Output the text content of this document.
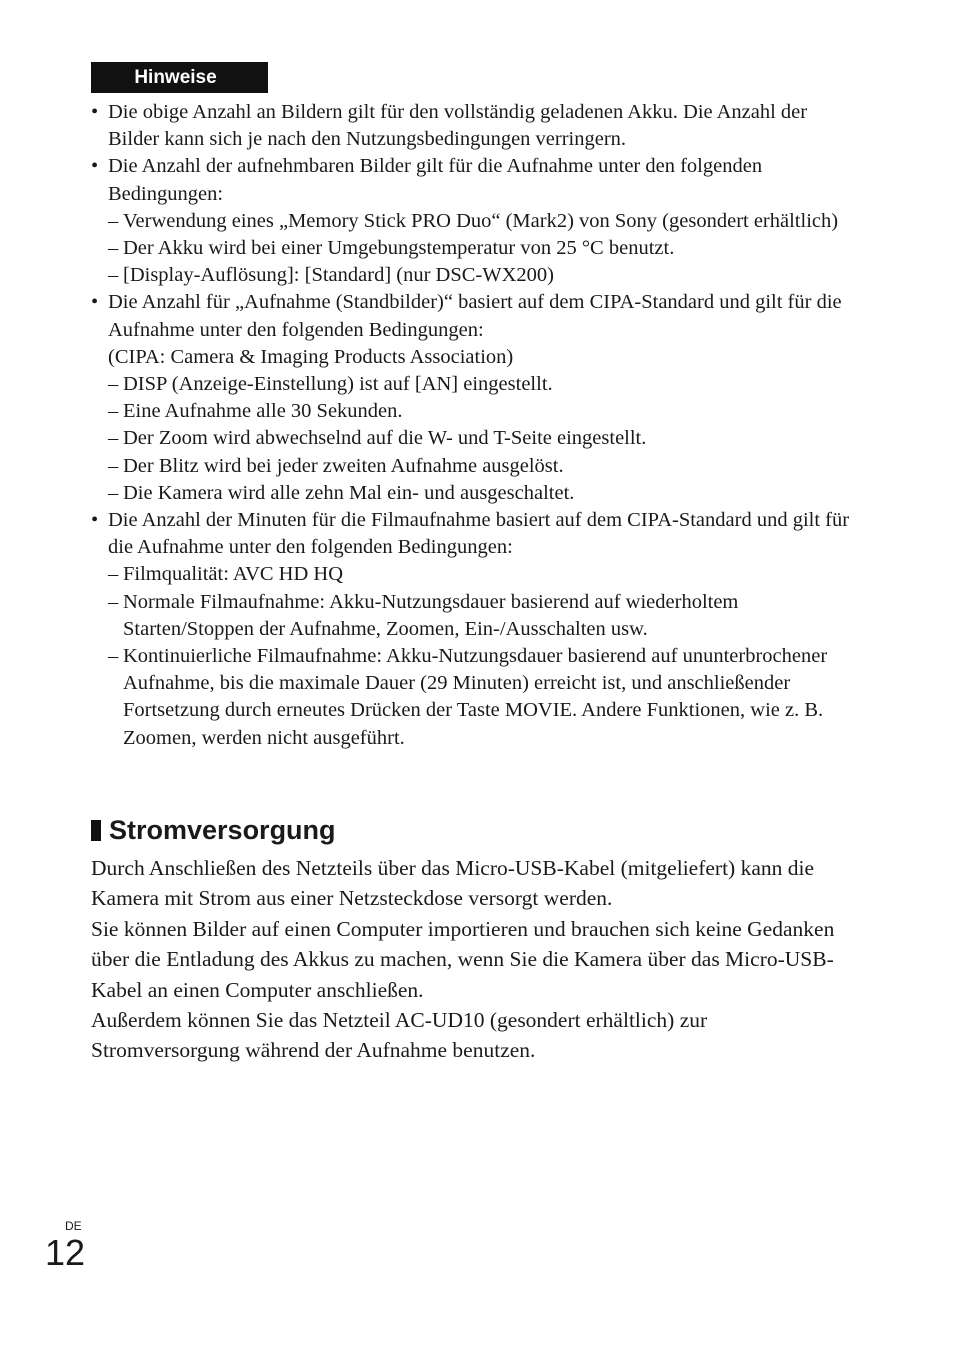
Hinweise
• Die obige Anzahl an Bildern gilt für den vollständig geladenen Akku. Die Anzahl der Bilder kann sich je nach den Nutzungsbedingungen verringern.
• Die Anzahl der aufnehmbaren Bilder gilt für die Aufnahme unter den folgenden Bedingungen:
– Verwendung eines „Memory Stick PRO Duo“ (Mark2) von Sony (gesondert erhältlich)
– Der Akku wird bei einer Umgebungstemperatur von 25 °C benutzt.
– [Display-Auflösung]: [Standard] (nur DSC-WX200)
• Die Anzahl für „Aufnahme (Standbilder)“ basiert auf dem CIPA-Standard und gilt für die Aufnahme unter den folgenden Bedingungen:
(CIPA: Camera & Imaging Products Association)
– DISP (Anzeige-Einstellung) ist auf [AN] eingestellt.
– Eine Aufnahme alle 30 Sekunden.
– Der Zoom wird abwechselnd auf die W- und T-Seite eingestellt.
– Der Blitz wird bei jeder zweiten Aufnahme ausgelöst.
– Die Kamera wird alle zehn Mal ein- und ausgeschaltet.
• Die Anzahl der Minuten für die Filmaufnahme basiert auf dem CIPA-Standard und gilt für die Aufnahme unter den folgenden Bedingungen:
– Filmqualität: AVC HD HQ
– Normale Filmaufnahme: Akku-Nutzungsdauer basierend auf wiederholtem Starten/Stoppen der Aufnahme, Zoomen, Ein-/Ausschalten usw.
– Kontinuierliche Filmaufnahme: Akku-Nutzungsdauer basierend auf ununterbrochener Aufnahme, bis die maximale Dauer (29 Minuten) erreicht ist, und anschließender Fortsetzung durch erneutes Drücken der Taste MOVIE. Andere Funktionen, wie z. B. Zoomen, werden nicht ausgeführt.
Stromversorgung

Durch Anschließen des Netzteils über das Micro-USB-Kabel (mitgeliefert) kann die Kamera mit Strom aus einer Netzsteckdose versorgt werden.

Sie können Bilder auf einen Computer importieren und brauchen sich keine Gedanken über die Entladung des Akkus zu machen, wenn Sie die Kamera über das Micro-USB-Kabel an einen Computer anschließen.

Außerdem können Sie das Netzteil AC-UD10 (gesondert erhältlich) zur Stromversorgung während der Aufnahme benutzen.

DE
12
